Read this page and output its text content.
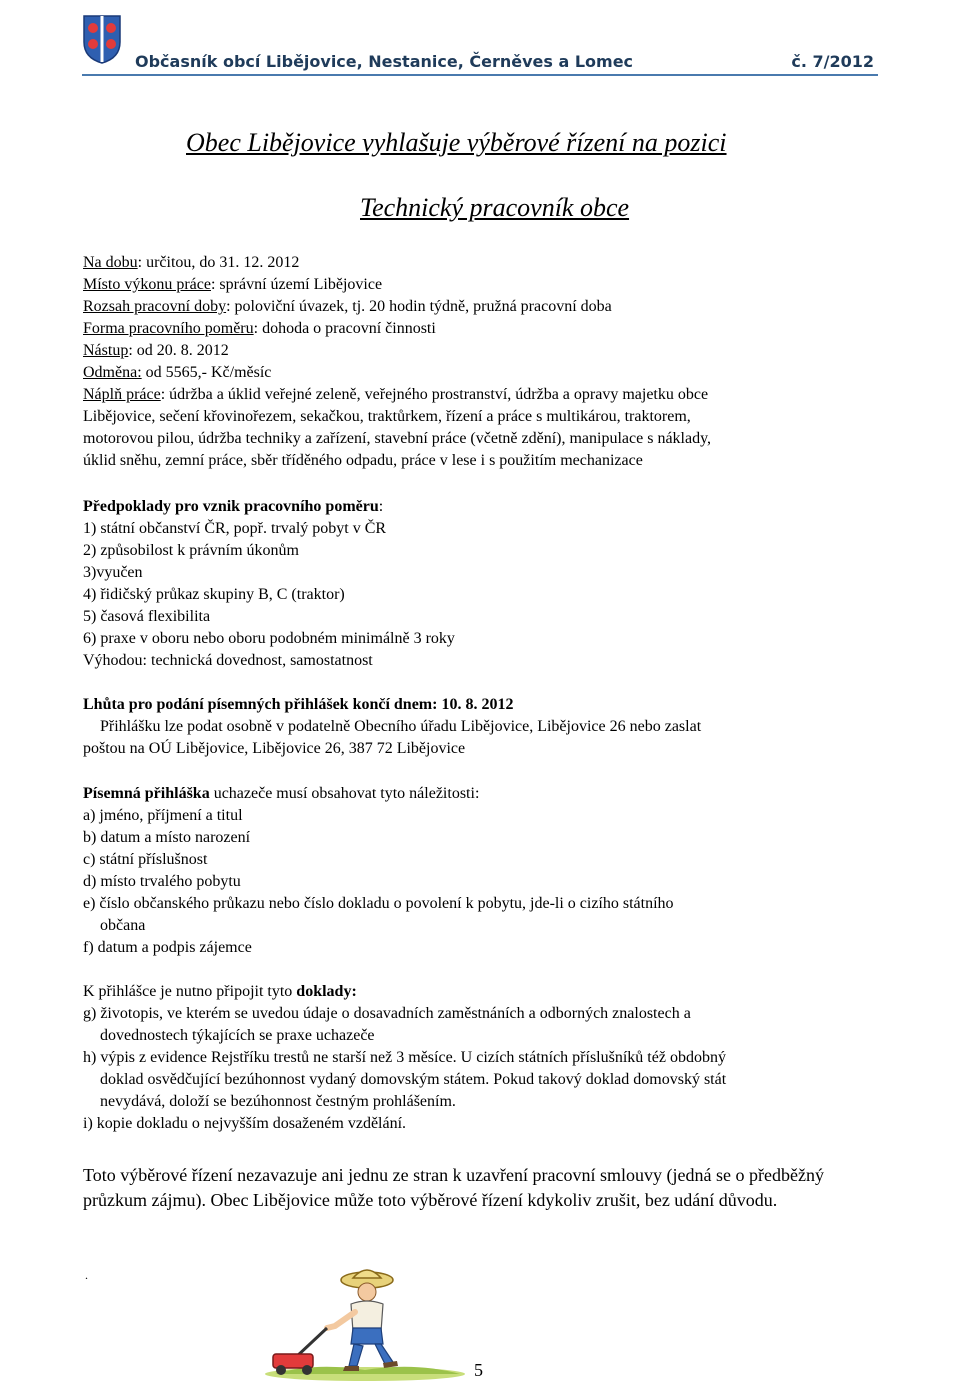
Občasník obcí Libějovice, Nestanice, Černěves a Lomec	č. 7/2012
Obec Libějovice vyhlašuje výběrové řízení na pozici
Technický pracovník obce
Na dobu: určitou, do 31. 12. 2012
Místo výkonu práce: správní území Libějovice
Rozsah pracovní doby: poloviční úvazek, tj. 20 hodin týdně, pružná pracovní doba
Forma pracovního poměru: dohoda o pracovní činnosti
Nástup: od 20. 8. 2012
Odměna: od 5565,- Kč/měsíc
Náplň práce: údržba a úklid veřejné zeleně, veřejného prostranství, údržba a opravy majetku obce
Libějovice, sečení křovinořezem, sekačkou, traktůrkem, řízení a práce s multikárou, traktorem,
motorovou pilou, údržba techniky a zařízení, stavební práce (včetně zdění), manipulace s náklady,
úklid sněhu, zemní práce, sběr tříděného odpadu, práce v lese i s použitím mechanizace
Předpoklady pro vznik pracovního poměru:
1) státní občanství ČR, popř. trvalý pobyt v ČR
2) způsobilost k právním úkonům
3)vyučen
4) řidičský průkaz skupiny B, C (traktor)
5) časová flexibilita
6) praxe v oboru nebo oboru podobném minimálně 3 roky
Výhodou: technická dovednost, samostatnost
Lhůta pro podání písemných přihlášek končí dnem: 10. 8. 2012
Přihlášku lze podat osobně v podatelně Obecního úřadu Libějovice, Libějovice 26 nebo zaslat
poštou na OÚ Libějovice, Libějovice 26, 387 72 Libějovice
Písemná přihláška uchazeče musí obsahovat tyto náležitosti:
a) jméno, příjmení a titul
b) datum a místo narození
c) státní příslušnost
d) místo trvalého pobytu
e) číslo občanského průkazu nebo číslo dokladu o povolení k pobytu, jde-li o cizího státního
občana
f) datum a podpis zájemce
K přihlášce je nutno připojit tyto doklady:
g) životopis, ve kterém se uvedou údaje o dosavadních zaměstnáních a odborných znalostech a
dovednostech týkajících se praxe uchazeče
h) výpis z evidence Rejstříku trestů ne starší než 3 měsíce. U cizích státních příslušníků též obdobný
doklad osvědčující bezúhonnost vydaný domovským státem. Pokud takový doklad domovský stát
nevydává, doloží se bezúhonnost čestným prohlášením.
i) kopie dokladu o nejvyšším dosaženém vzdělání.
Toto výběrové řízení nezavazuje ani jednu ze stran k uzavření pracovní smlouvy (jedná se o předběžný průzkum zájmu). Obec Libějovice může toto výběrové řízení kdykoliv zrušit, bez udání důvodu.
.
5
